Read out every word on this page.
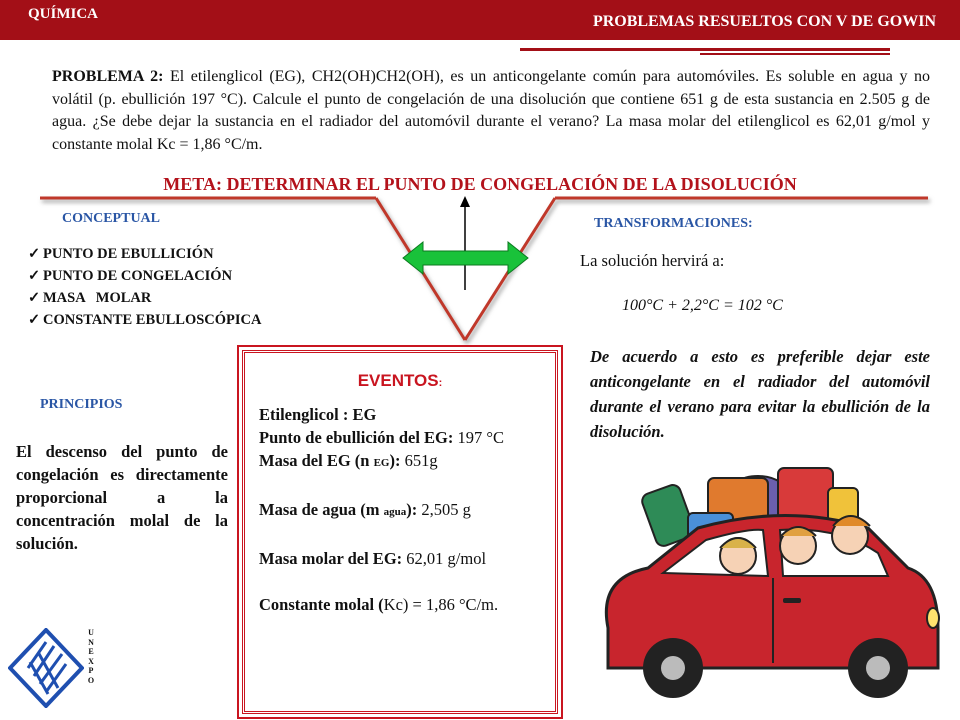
QUÍMICA	PROBLEMAS RESUELTOS CON V DE GOWIN
PROBLEMA 2: El etilenglicol (EG), CH2(OH)CH2(OH), es un anticongelante común para automóviles. Es soluble en agua y no volátil (p. ebullición 197 °C). Calcule el punto de congelación de una disolución que contiene 651 g de esta sustancia en 2.505 g de agua. ¿Se debe dejar la sustancia en el radiador del automóvil durante el verano? La masa molar del etilenglicol es 62,01 g/mol y constante molal Kc = 1,86 °C/m.
META: DETERMINAR EL PUNTO DE CONGELACIÓN DE LA DISOLUCIÓN
CONCEPTUAL	TRANSFORMACIONES:
✓ PUNTO DE EBULLICIÓN
✓ PUNTO DE CONGELACIÓN
✓ MASA   MOLAR
✓ CONSTANTE EBULLOSCÓPICA
La solución hervirá a:
100°C + 2,2°C = 102 °C
De acuerdo a esto es preferible dejar este anticongelante en el radiador del automóvil durante el verano para evitar la ebullición de la disolución.
PRINCIPIOS
El descenso del punto de congelación es directamente proporcional a la concentración molal de la solución.
EVENTOS:

Etilenglicol : EG

Punto de ebullición del EG: 197 °C

Masa del EG (n EG): 651g

Masa de agua (m agua): 2,505 g

Masa molar del EG: 62,01 g/mol

Constante molal (Kc) = 1,86 °C/m.

U
N
E
X
P
O
